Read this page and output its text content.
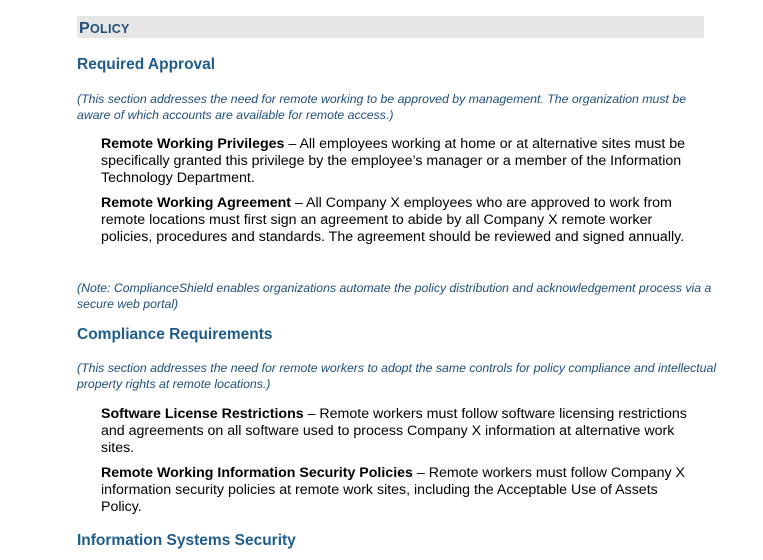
POLICY
Required Approval

(This section addresses the need for remote working to be approved by management. The organization must be aware of which accounts are available for remote access.)

Remote Working Privileges – All employees working at home or at alternative sites must be specifically granted this privilege by the employee’s manager or a member of the Information Technology Department.

Remote Working Agreement – All Company X employees who are approved to work from remote locations must first sign an agreement to abide by all Company X remote worker policies, procedures and standards. The agreement should be reviewed and signed annually.

(Note: ComplianceShield enables organizations automate the policy distribution and acknowledgement process via a secure web portal)

Compliance Requirements

(This section addresses the need for remote workers to adopt the same controls for policy compliance and intellectual property rights at remote locations.)

Software License Restrictions – Remote workers must follow software licensing restrictions and agreements on all software used to process Company X information at alternative work sites.

Remote Working Information Security Policies – Remote workers must follow Company X information security policies at remote work sites, including the Acceptable Use of Assets Policy.

Information Systems Security
